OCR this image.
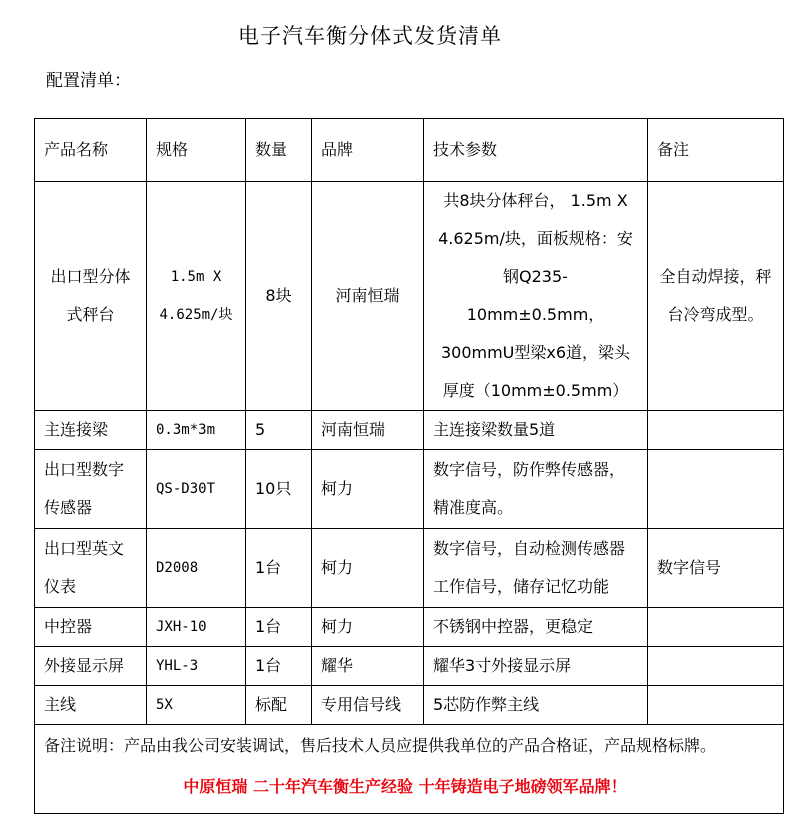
电子汽车衡分体式发货清单
配置清单：
产品名称	规格	数量	品牌	技术参数	备注
出口型分体式秤台	1.5m X 4.625m/块	8块	河南恒瑞	共8块分体秤台， 1.5m X 4.625m/块，面板规格：安钢Q235- 10mm±0.5mm，300mmU型梁x6道，梁头厚度（10mm±0.5mm）	全自动焊接，秤台冷弯成型。
主连接梁	0.3m*3m	5	河南恒瑞	主连接梁数量5道	
出口型数字传感器	QS-D30T	10只	柯力	数字信号，防作弊传感器，精准度高。	
出口型英文仪表	D2008	1台	柯力	数字信号，自动检测传感器工作信号，储存记忆功能	数字信号
中控器	JXH-10	1台	柯力	不锈钢中控器，更稳定	
外接显示屏	YHL-3	1台	耀华	耀华3寸外接显示屏	
主线	5X	标配	专用信号线	5芯防作弊主线	
备注说明：产品由我公司安装调试，售后技术人员应提供我单位的产品合格证，产品规格标牌。					
中原恒瑞 二十年汽车衡生产经验 十年铸造电子地磅领军品牌！
